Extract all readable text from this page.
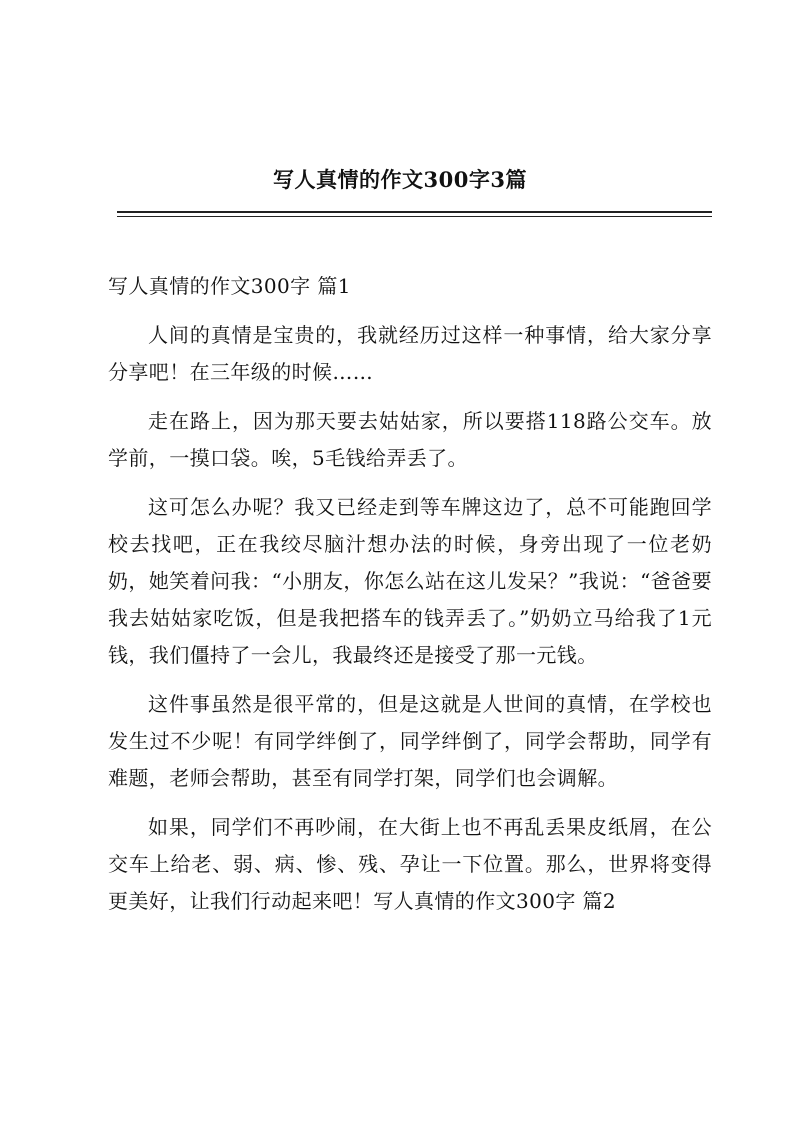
写人真情的作文300字3篇

写人真情的作文300字 篇1

人间的真情是宝贵的，我就经历过这样一种事情，给大家分享分享吧！在三年级的时候……

走在路上，因为那天要去姑姑家，所以要搭118路公交车。放学前，一摸口袋。唉，5毛钱给弄丢了。

这可怎么办呢？我又已经走到等车牌这边了，总不可能跑回学校去找吧，正在我绞尽脑汁想办法的时候，身旁出现了一位老奶奶，她笑着问我：“小朋友，你怎么站在这儿发呆？”我说：“爸爸要我去姑姑家吃饭，但是我把搭车的钱弄丢了。”奶奶立马给我了1元钱，我们僵持了一会儿，我最终还是接受了那一元钱。

这件事虽然是很平常的，但是这就是人世间的真情，在学校也发生过不少呢！有同学绊倒了，同学绊倒了，同学会帮助，同学有难题，老师会帮助，甚至有同学打架，同学们也会调解。

如果，同学们不再吵闹，在大街上也不再乱丢果皮纸屑，在公交车上给老、弱、病、惨、残、孕让一下位置。那么，世界将变得更美好，让我们行动起来吧！写人真情的作文300字 篇2
